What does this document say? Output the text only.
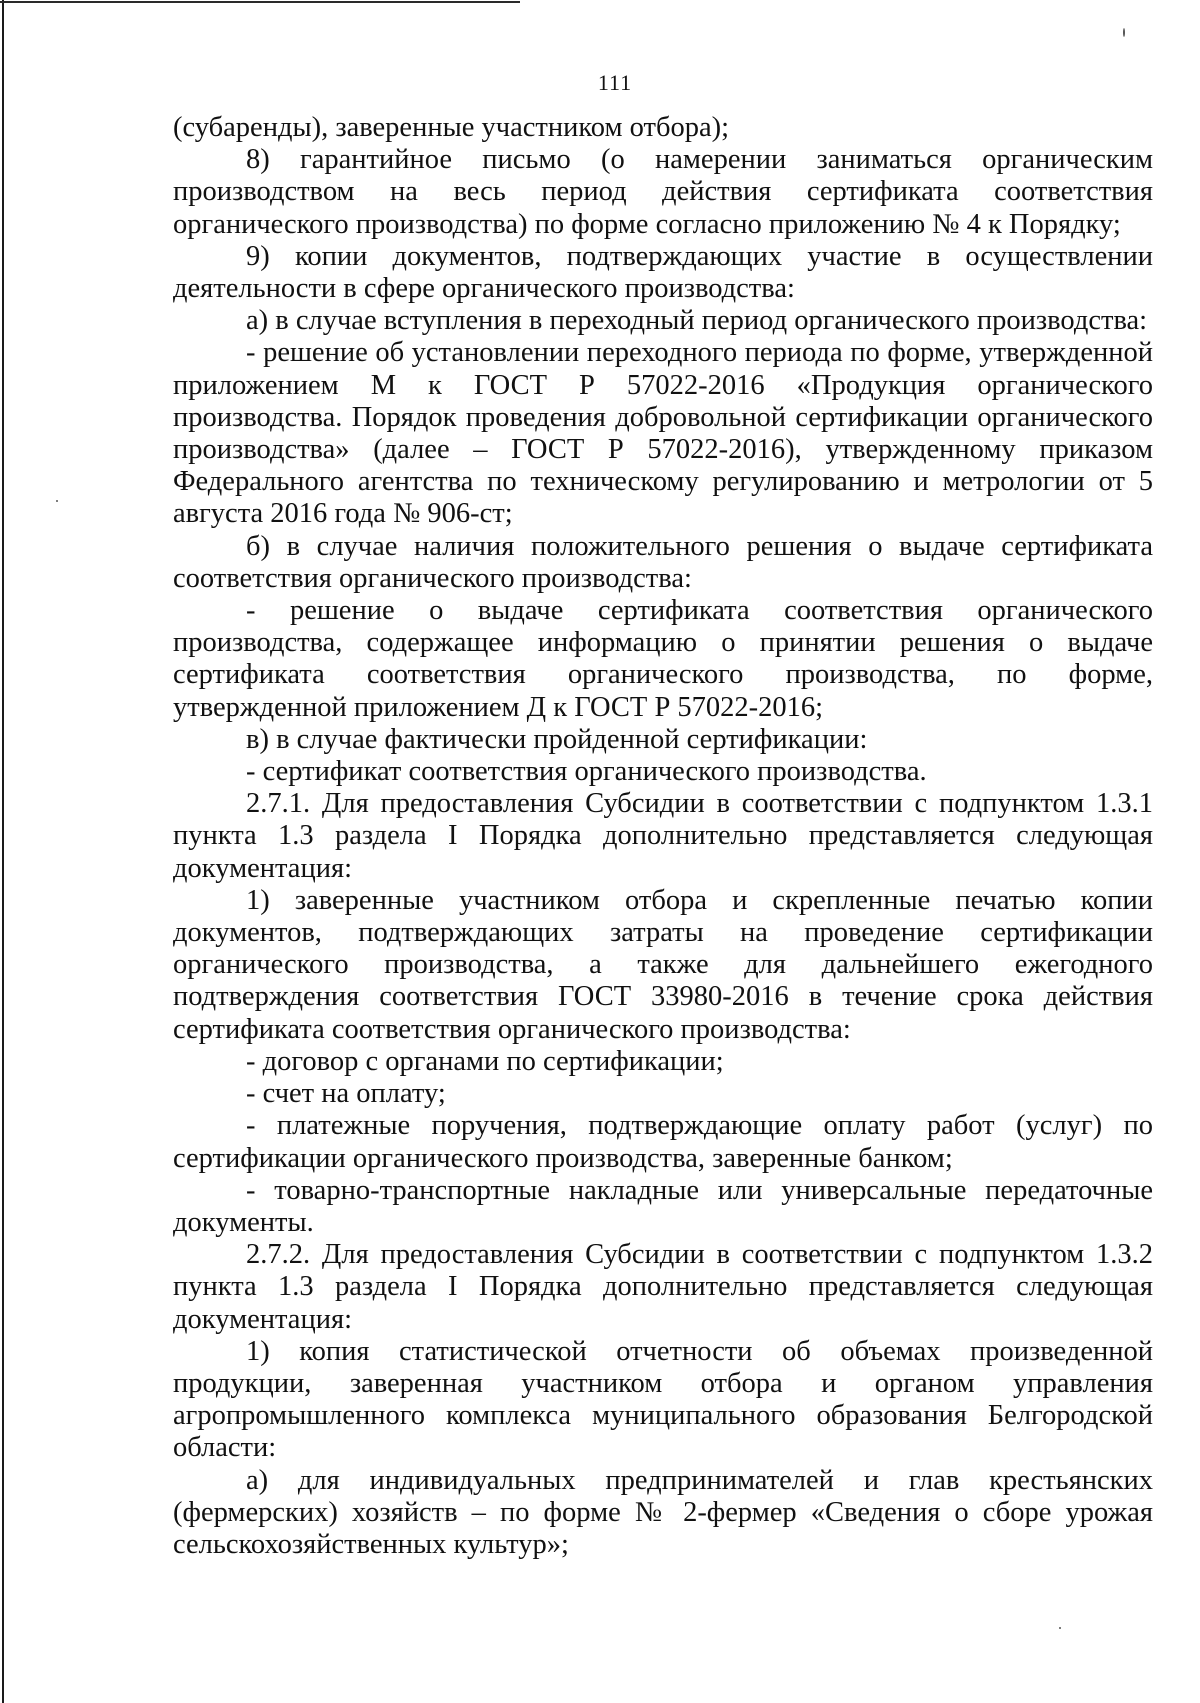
111

(субаренды), заверенные участником отбора);

8) гарантийное письмо (о намерении заниматься органическим производством на весь период действия сертификата соответствия органического производства) по форме согласно приложению № 4 к Порядку;

9) копии документов, подтверждающих участие в осуществлении деятельности в сфере органического производства:

а) в случае вступления в переходный период органического производства:

- решение об установлении переходного периода по форме, утвержденной приложением М к ГОСТ Р 57022-2016 «Продукция органического производства. Порядок проведения добровольной сертификации органического производства» (далее – ГОСТ Р 57022-2016), утвержденному приказом Федерального агентства по техническому регулированию и метрологии от 5 августа 2016 года № 906-ст;

б) в случае наличия положительного решения о выдаче сертификата соответствия органического производства:

- решение о выдаче сертификата соответствия органического производства, содержащее информацию о принятии решения о выдаче сертификата соответствия органического производства, по форме, утвержденной приложением Д к ГОСТ Р 57022-2016;

в) в случае фактически пройденной сертификации:

- сертификат соответствия органического производства.

2.7.1. Для предоставления Субсидии в соответствии с подпунктом 1.3.1 пункта 1.3 раздела I Порядка дополнительно представляется следующая документация:

1) заверенные участником отбора и скрепленные печатью копии документов, подтверждающих затраты на проведение сертификации органического производства, а также для дальнейшего ежегодного подтверждения соответствия ГОСТ 33980-2016 в течение срока действия сертификата соответствия органического производства:

- договор с органами по сертификации;

- счет на оплату;

- платежные поручения, подтверждающие оплату работ (услуг) по сертификации органического производства, заверенные банком;

- товарно-транспортные накладные или универсальные передаточные документы.

2.7.2. Для предоставления Субсидии в соответствии с подпунктом 1.3.2 пункта 1.3 раздела I Порядка дополнительно представляется следующая документация:

1) копия статистической отчетности об объемах произведенной продукции, заверенная участником отбора и органом управления агропромышленного комплекса муниципального образования Белгородской области:

а) для индивидуальных предпринимателей и глав крестьянских (фермерских) хозяйств – по форме № 2-фермер «Сведения о сборе урожая сельскохозяйственных культур»;
